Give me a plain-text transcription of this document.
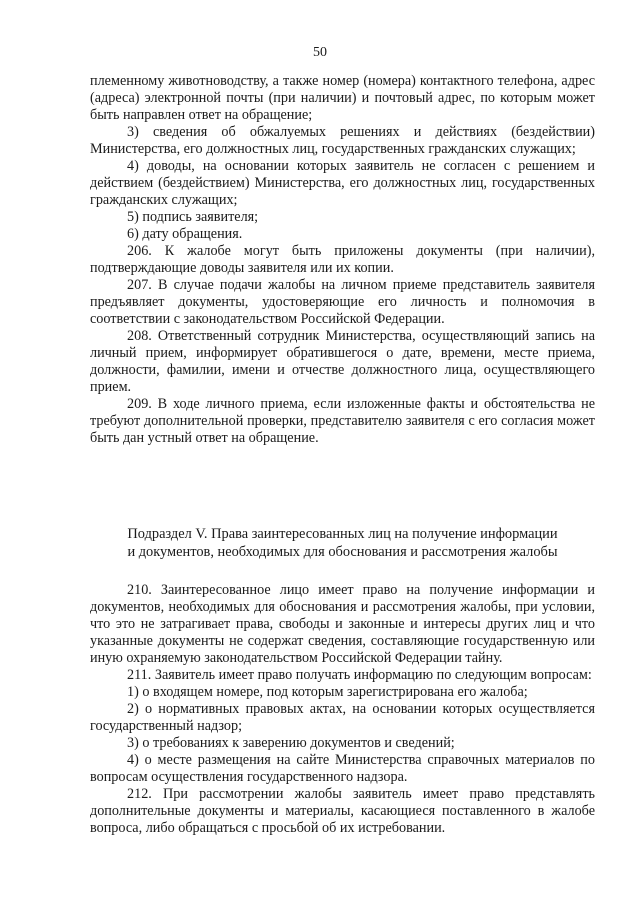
50

племенному животноводству, а также номер (номера) контактного телефона, адрес (адреса) электронной почты (при наличии) и почтовый адрес, по которым может быть направлен ответ на обращение;

3) сведения об обжалуемых решениях и действиях (бездействии) Министерства, его должностных лиц, государственных гражданских служащих;

4) доводы, на основании которых заявитель не согласен с решением и действием (бездействием) Министерства, его должностных лиц, государственных гражданских служащих;

5) подпись заявителя;

6) дату обращения.

206. К жалобе могут быть приложены документы (при наличии), подтверждающие доводы заявителя или их копии.

207. В случае подачи жалобы на личном приеме представитель заявителя предъявляет документы, удостоверяющие его личность и полномочия в соответствии с законодательством Российской Федерации.

208. Ответственный сотрудник Министерства, осуществляющий запись на личный прием, информирует обратившегося о дате, времени, месте приема, должности, фамилии, имени и отчестве должностного лица, осуществляющего прием.

209. В ходе личного приема, если изложенные факты и обстоятельства не требуют дополнительной проверки, представителю заявителя с его согласия может быть дан устный ответ на обращение.

Подраздел V. Права заинтересованных лиц на получение информации
и документов, необходимых для обоснования и рассмотрения жалобы

210. Заинтересованное лицо имеет право на получение информации и документов, необходимых для обоснования и рассмотрения жалобы, при условии, что это не затрагивает права, свободы и законные и интересы других лиц и что указанные документы не содержат сведения, составляющие государственную или иную охраняемую законодательством Российской Федерации тайну.

211. Заявитель имеет право получать информацию по следующим вопросам:

1) о входящем номере, под которым зарегистрирована его жалоба;

2) о нормативных правовых актах, на основании которых осуществляется государственный надзор;

3) о требованиях к заверению документов и сведений;

4) о месте размещения на сайте Министерства справочных материалов по вопросам осуществления государственного надзора.

212. При рассмотрении жалобы заявитель имеет право представлять дополнительные документы и материалы, касающиеся поставленного в жалобе вопроса, либо обращаться с просьбой об их истребовании.
